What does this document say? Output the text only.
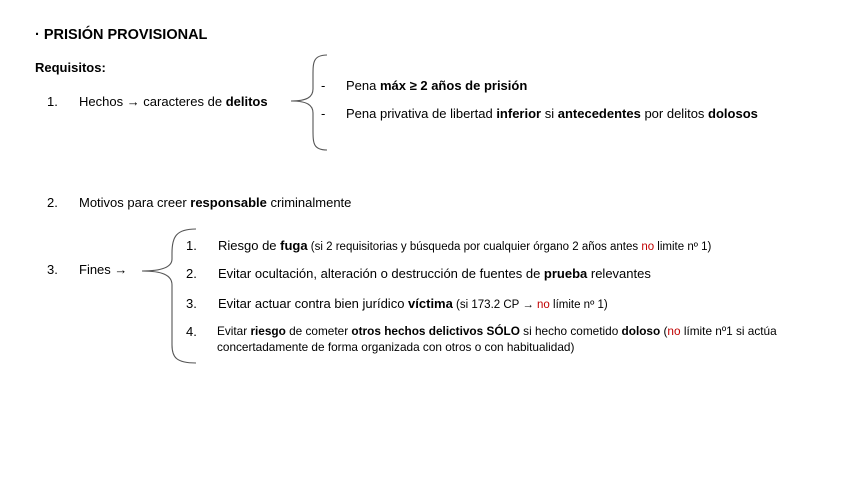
· PRISIÓN PROVISIONAL
Requisitos:
1. Hechos → caracteres de delitos
- Pena máx ≥ 2 años de prisión
- Pena privativa de libertad inferior si antecedentes por delitos dolosos
2. Motivos para creer responsable criminalmente
3. Fines →
1. Riesgo de fuga (si 2 requisitorias y búsqueda por cualquier órgano 2 años antes no limite nº 1)
2. Evitar ocultación, alteración o destrucción de fuentes de prueba relevantes
3. Evitar actuar contra bien jurídico víctima (si 173.2 CP → no límite nº 1)
4. Evitar riesgo de cometer otros hechos delictivos SÓLO si hecho cometido doloso (no límite nº1 si actúa
concertadamente de forma organizada con otros o con habitualidad)
